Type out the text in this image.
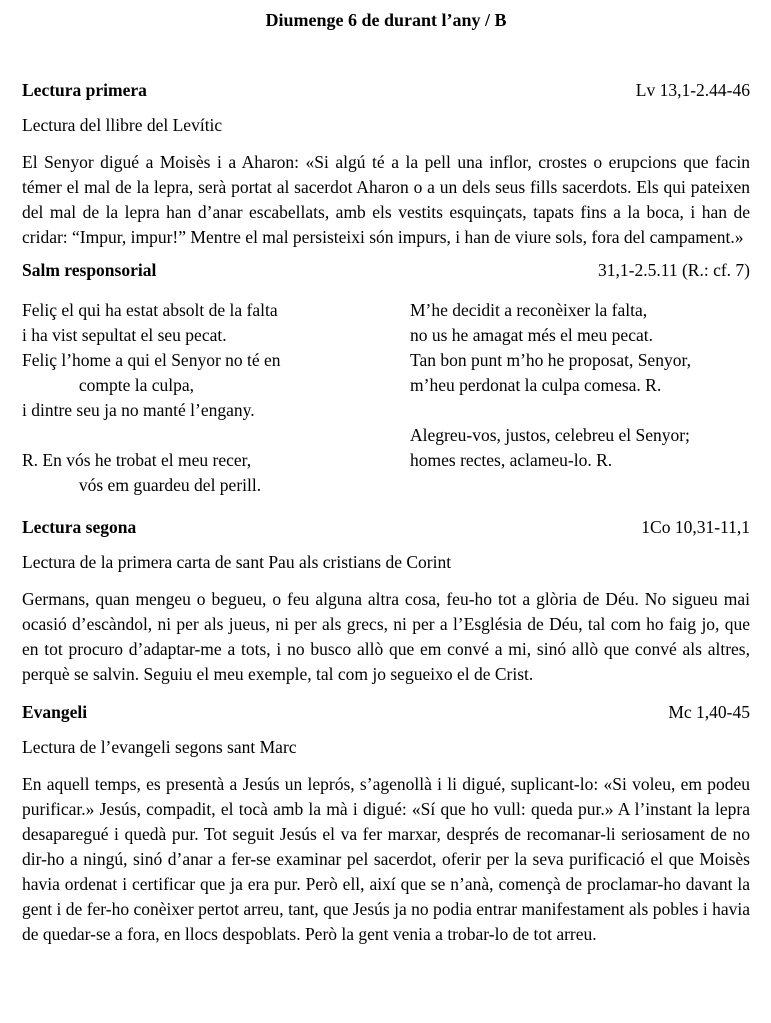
Diumenge 6 de durant l’any / B
Lectura primera	Lv 13,1-2.44-46
Lectura del llibre del Levític
El Senyor digué a Moisès i a Aharon: «Si algú té a la pell una inflor, crostes o erupcions que facin témer el mal de la lepra, serà portat al sacerdot Aharon o a un dels seus fills sacerdots. Els qui pateixen del mal de la lepra han d’anar escabellats, amb els vestits esquinçats, tapats fins a la boca, i han de cridar: “Impur, impur!” Mentre el mal persisteixi són impurs, i han de viure sols, fora del campament.»
Salm responsorial	31,1-2.5.11 (R.: cf. 7)
Feliç el qui ha estat absolt de la falta
i ha vist sepultat el seu pecat.
Feliç l’home a qui el Senyor no té en
compte la culpa,
i dintre seu ja no manté l’engany.
R. En vós he trobat el meu recer,
vós em guardeu del perill.
M’he decidit a reconèixer la falta,
no us he amagat més el meu pecat.
Tan bon punt m’ho he proposat, Senyor,
m’heu perdonat la culpa comesa. R.
Alegreu-vos, justos, celebreu el Senyor;
homes rectes, aclameu-lo. R.
Lectura segona	1Co 10,31-11,1
Lectura de la primera carta de sant Pau als cristians de Corint
Germans, quan mengeu o begueu, o feu alguna altra cosa, feu-ho tot a glòria de Déu. No sigueu mai ocasió d’escàndol, ni per als jueus, ni per als grecs, ni per a l’Església de Déu, tal com ho faig jo, que en tot procuro d’adaptar-me a tots, i no busco allò que em convé a mi, sinó allò que convé als altres, perquè se salvin. Seguiu el meu exemple, tal com jo segueixo el de Crist.
Evangeli	Mc 1,40-45
Lectura de l’evangeli segons sant Marc
En aquell temps, es presentà a Jesús un leprós, s’agenollà i li digué, suplicant-lo: «Si voleu, em podeu purificar.» Jesús, compadit, el tocà amb la mà i digué: «Sí que ho vull: queda pur.» A l’instant la lepra desaparegué i quedà pur. Tot seguit Jesús el va fer marxar, després de recomanar-li seriosament de no dir-ho a ningú, sinó d’anar a fer-se examinar pel sacerdot, oferir per la seva purificació el que Moisès havia ordenat i certificar que ja era pur. Però ell, així que se n’anà, començà de proclamar-ho davant la gent i de fer-ho conèixer pertot arreu, tant, que Jesús ja no podia entrar manifestament als pobles i havia de quedar-se a fora, en llocs despoblats. Però la gent venia a trobar-lo de tot arreu.
